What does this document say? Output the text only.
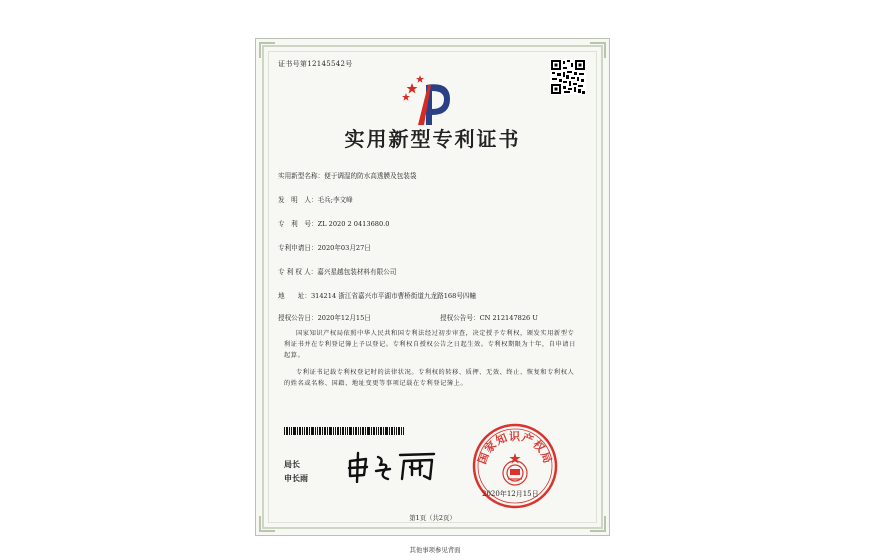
证书号第12145542号
实用新型专利证书
实用新型名称：便于调湿的防水高透膜及包装袋
发　明　人：毛兵;李文峰
专　利　号：ZL 2020 2 0413680.0
专利申请日：2020年03月27日
专 利 权 人：嘉兴星越包装材料有限公司
地　　址：314214 浙江省嘉兴市平湖市曹桥街道九龙路168号四幢
授权公告日：2020年12月15日	授权公告号：CN 212147826 U
国家知识产权局依照中华人民共和国专利法经过初步审查，决定授予专利权，颁发实用新型专利证书并在专利登记簿上予以登记。专利权自授权公告之日起生效。专利权期限为十年，自申请日起算。
专利证书记载专利权登记时的法律状况。专利权的转移、质押、无效、终止、恢复和专利权人的姓名或名称、国籍、地址变更等事项记载在专利登记簿上。
局长
申长雨
国家知识产权局
2020年12月15日
第1页（共2页）
其他事项参见背面
